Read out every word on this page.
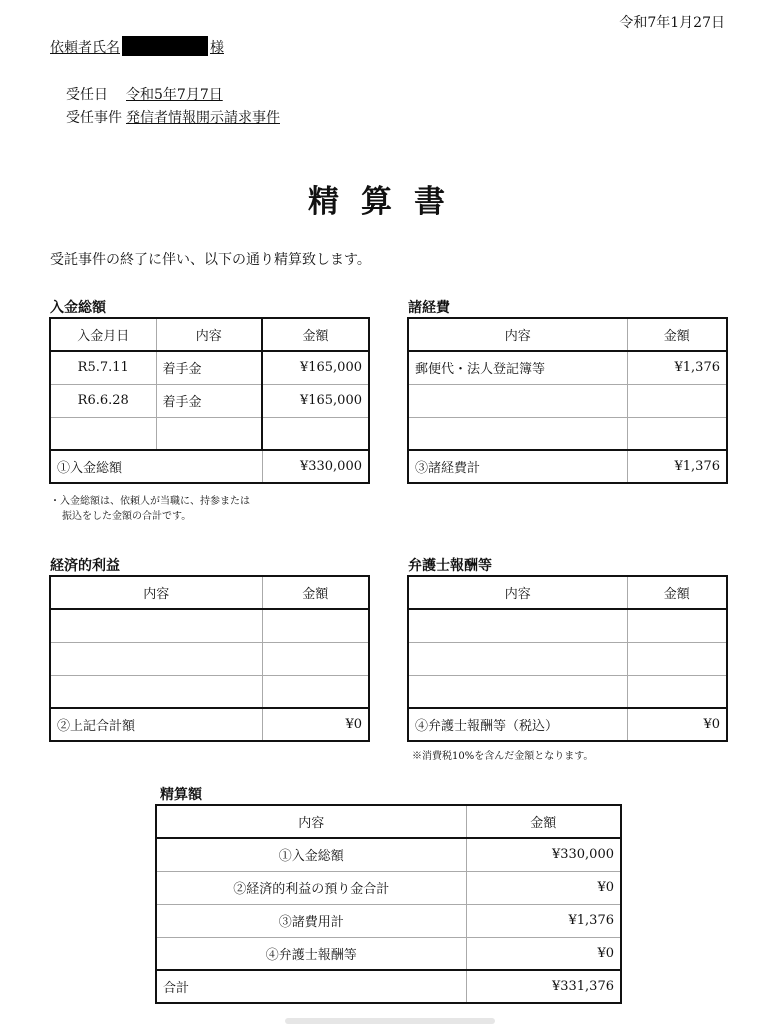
令和7年1月27日
依頼者氏名	様
受任日 令和5年7月7日
受任事件 発信者情報開示請求事件
精算書
受託事件の終了に伴い、以下の通り精算致します。
入金総額
入金月日	内容	金額
R5.7.11	着手金	¥165,000
R6.6.28	着手金	¥165,000

①入金総額		¥330,000
・入金総額は、依頼人が当職に、持参または
振込をした金額の合計です。
諸経費
内容	金額
郵便代・法人登記簿等	¥1,376

③諸経費計	¥1,376
経済的利益
内容	金額

②上記合計額	¥0
弁護士報酬等
内容	金額

④弁護士報酬等（税込）	¥0
※消費税10%を含んだ金額となります。
精算額
内容	金額
①入金総額	¥330,000
②経済的利益の預り金合計	¥0
③諸費用計	¥1,376
④弁護士報酬等	¥0
合計	¥331,376
